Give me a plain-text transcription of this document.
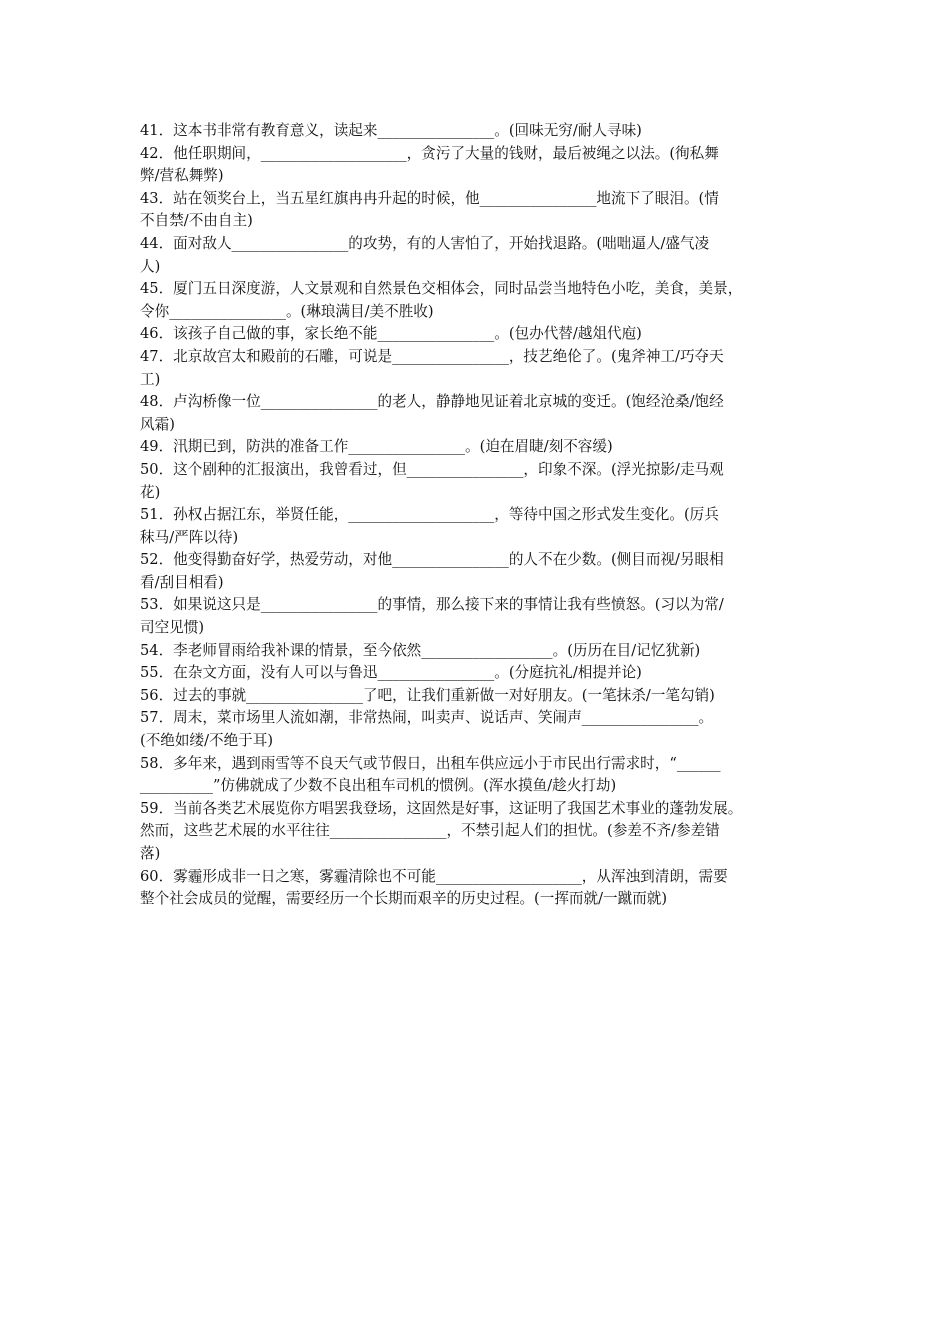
41．这本书非常有教育意义，读起来________________。(回味无穷/耐人寻味)
42．他任职期间，____________________，贪污了大量的钱财，最后被绳之以法。(徇私舞
弊/营私舞弊)
43．站在领奖台上，当五星红旗冉冉升起的时候，他________________地流下了眼泪。(情
不自禁/不由自主)
44．面对敌人________________的攻势，有的人害怕了，开始找退路。(咄咄逼人/盛气凌
人)
45．厦门五日深度游，人文景观和自然景色交相体会，同时品尝当地特色小吃，美食，美景，
令你________________。(琳琅满目/美不胜收)
46．该孩子自己做的事，家长绝不能________________。(包办代替/越俎代庖)
47．北京故宫太和殿前的石雕，可说是________________，技艺绝伦了。(鬼斧神工/巧夺天
工)
48．卢沟桥像一位________________的老人，静静地见证着北京城的变迁。(饱经沧桑/饱经
风霜)
49．汛期已到，防洪的准备工作________________。(迫在眉睫/刻不容缓)
50．这个剧种的汇报演出，我曾看过，但________________，印象不深。(浮光掠影/走马观
花)
51．孙权占据江东，举贤任能，____________________，等待中国之形式发生变化。(厉兵
秣马/严阵以待)
52．他变得勤奋好学，热爱劳动，对他________________的人不在少数。(侧目而视/另眼相
看/刮目相看)
53．如果说这只是________________的事情，那么接下来的事情让我有些愤怒。(习以为常/
司空见惯)
54．李老师冒雨给我补课的情景，至今依然__________________。(历历在目/记忆犹新)
55．在杂文方面，没有人可以与鲁迅________________。(分庭抗礼/相提并论)
56．过去的事就________________了吧，让我们重新做一对好朋友。(一笔抹杀/一笔勾销)
57．周末，菜市场里人流如潮，非常热闹，叫卖声、说话声、笑闹声________________。
(不绝如缕/不绝于耳)
58．多年来，遇到雨雪等不良天气或节假日，出租车供应远小于市民出行需求时，“______
__________”仿佛就成了少数不良出租车司机的惯例。(浑水摸鱼/趁火打劫)
59．当前各类艺术展览你方唱罢我登场，这固然是好事，这证明了我国艺术事业的蓬勃发展。
然而，这些艺术展的水平往往________________，不禁引起人们的担忧。(参差不齐/参差错
落)
60．雾霾形成非一日之寒，雾霾清除也不可能____________________，从浑浊到清朗，需要
整个社会成员的觉醒，需要经历一个长期而艰辛的历史过程。(一挥而就/一蹴而就)
